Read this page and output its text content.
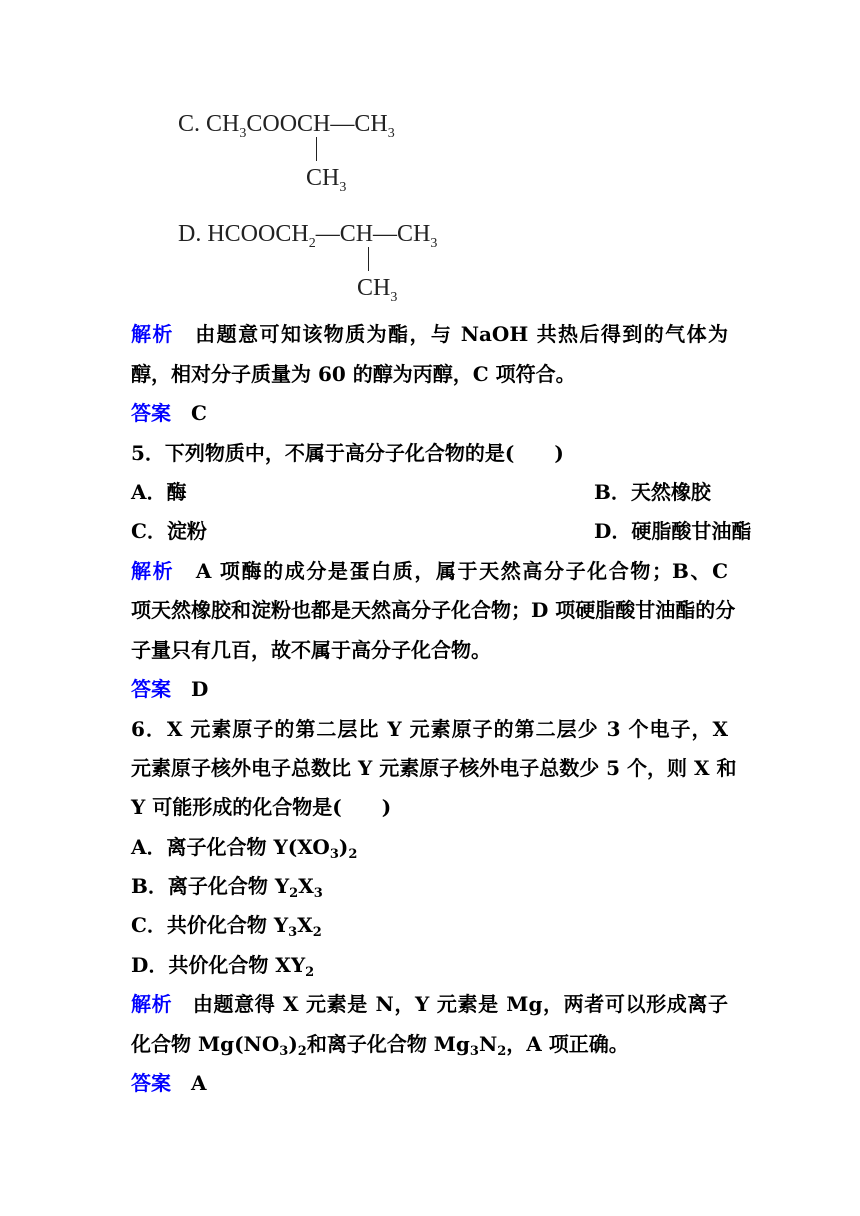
C. $CH_3COOCH—CH_3$
$CH_3$
D. $HCOOCH_2—CH—CH_3$
$CH_3$
解析　 由题意可知该物质为酯，与 NaOH 共热后得到的气体为
醇，相对分子质量为 60 的醇为丙醇，C 项符合。
答案　 C
5．下列物质中，不属于高分子化合物的是(　　)
A．酶	B．天然橡胶
C．淀粉	D．硬脂酸甘油酯
解析　 A 项酶的成分是蛋白质，属于天然高分子化合物；B、C
项天然橡胶和淀粉也都是天然高分子化合物；D 项硬脂酸甘油酯的分
子量只有几百，故不属于高分子化合物。
答案　 D
6．X 元素原子的第二层比 Y 元素原子的第二层少 3 个电子，X
元素原子核外电子总数比 Y 元素原子核外电子总数少 5 个，则 X 和
Y 可能形成的化合物是(　　)
A．离子化合物 $Y(XO_3)_2$
B．离子化合物 $Y_2X_3$
C．共价化合物 $Y_3X_2$
D．共价化合物 $XY_2$
解析　 由题意得 X 元素是 N，Y 元素是 Mg，两者可以形成离子
化合物 $Mg(NO_3)_2$和离子化合物 $Mg_3N_2$，A 项正确。
答案　 A
